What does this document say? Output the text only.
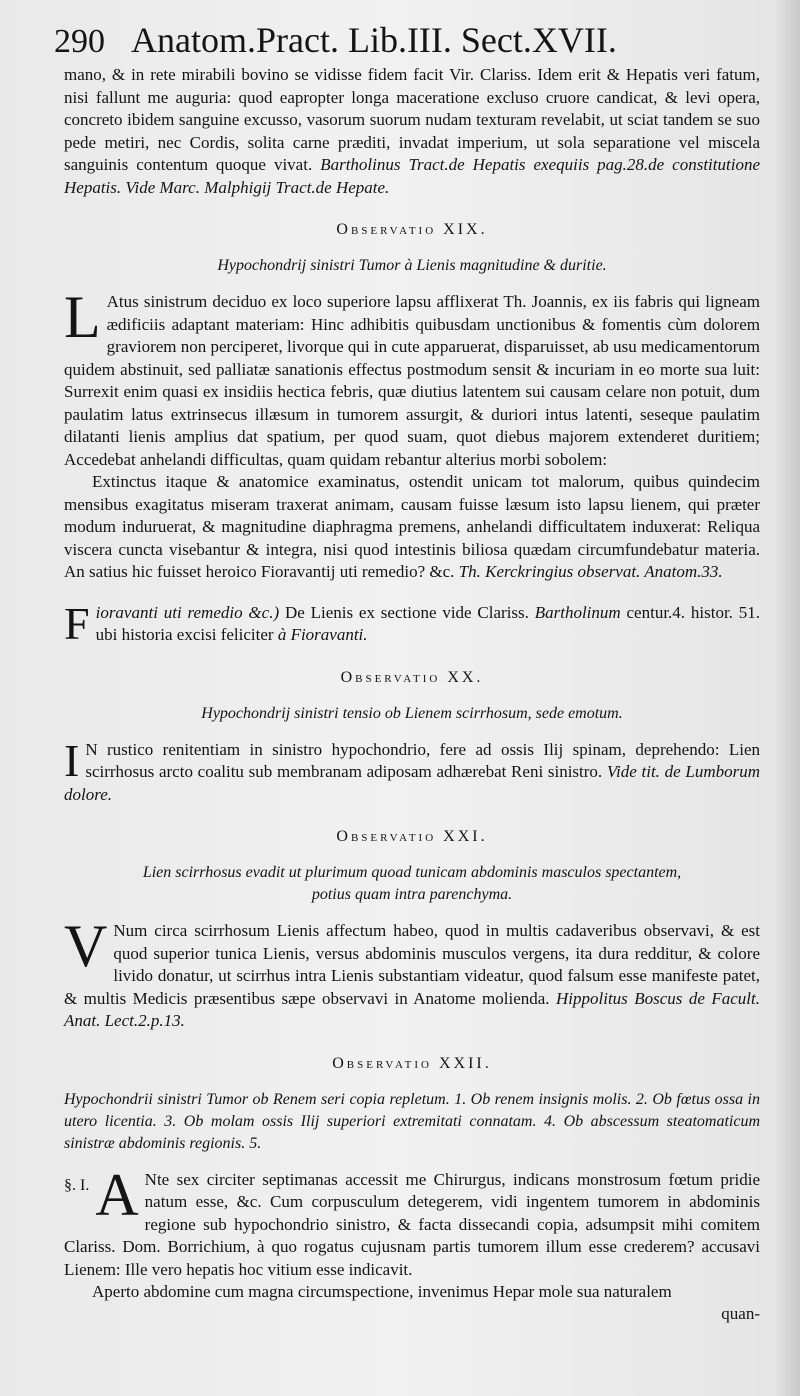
290 Anatom.Pract. Lib.III. Sect.XVII.

mano, & in rete mirabili bovino se vidisse fidem facit Vir. Clariss. Idem erit & Hepatis veri fatum, nisi fallunt me auguria: quod eapropter longa maceratione excluso cruore candicat, & levi opera, concreto ibidem sanguine excusso, vasorum suorum nudam texturam revelabit, ut sciat tandem se suo pede metiri, nec Cordis, solita carne præditi, invadat imperium, ut sola separatione vel miscela sanguinis contentum quoque vivat. Bartholinus Tract.de Hepatis exequiis pag.28.de constitutione Hepatis. Vide Marc. Malphigij Tract.de Hepate.

Observatio XIX.
Hypochondrij sinistri Tumor à Lienis magnitudine & duritie.

L Atus sinistrum deciduo ex loco superiore lapsu afflixerat Th. Joannis, ex iis fabris qui ligneam ædificiis adaptant materiam: Hinc adhibitis quibusdam unctionibus & fomentis cùm dolorem graviorem non perciperet, livorque qui in cute apparuerat, disparuisset, ab usu medicamentorum quidem abstinuit, sed palliatæ sanationis effectus postmodum sensit & incuriam in eo morte sua luit: Surrexit enim quasi ex insidiis hectica febris, quæ diutius latentem sui causam celare non potuit, dum paulatim latus extrinsecus illæsum in tumorem assurgit, & duriori intus latenti, seseque paulatim dilatanti lienis amplius dat spatium, per quod suam, quot diebus majorem extenderet duritiem; Accedebat anhelandi difficultas, quam quidam rebantur alterius morbi sobolem:

Extinctus itaque & anatomice examinatus, ostendit unicam tot malorum, quibus quindecim mensibus exagitatus miseram traxerat animam, causam fuisse læsum isto lapsu lienem, qui præter modum induruerat, & magnitudine diaphragma premens, anhelandi difficultatem induxerat: Reliqua viscera cuncta visebantur & integra, nisi quod intestinis biliosa quædam circumfundebatur materia. An satius hic fuisset heroico Fioravantij uti remedio? &c. Th. Kerckringius observat. Anatom.33.

F ioravanti uti remedio &c.) De Lienis ex sectione vide Clariss. Bartholinum centur.4. histor. 51. ubi historia excisi feliciter à Fioravanti.

Observatio XX.
Hypochondrij sinistri tensio ob Lienem scirrhosum, sede emotum.

I N rustico renitentiam in sinistro hypochondrio, fere ad ossis Ilij spinam, deprehendo: Lien scirrhosus arcto coalitu sub membranam adiposam adhærebat Reni sinistro. Vide tit. de Lumborum dolore.

Observatio XXI.
Lien scirrhosus evadit ut plurimum quoad tunicam abdominis masculos spectantem,
potius quam intra parenchyma.

V Num circa scirrhosum Lienis affectum habeo, quod in multis cadaveribus observavi, & est quod superior tunica Lienis, versus abdominis musculos vergens, ita dura redditur, & colore livido donatur, ut scirrhus intra Lienis substantiam videatur, quod falsum esse manifeste patet, & multis Medicis præsentibus sæpe observavi in Anatome molienda. Hippolitus Boscus de Facult. Anat. Lect.2.p.13.

Observatio XXII.
Hypochondrii sinistri Tumor ob Renem seri copia repletum. 1. Ob renem insignis molis. 2. Ob fœtus ossa in utero licentia. 3. Ob molam ossis Ilij superiori extremitati connatam. 4. Ob abscessum steatomaticum sinistræ abdominis regionis. 5.

§. I. A Nte sex circiter septimanas accessit me Chirurgus, indicans monstrosum fœtum pridie natum esse, &c. Cum corpusculum detegerem, vidi ingentem tumorem in abdominis regione sub hypochondrio sinistro, & facta dissecandi copia, adsumpsit mihi comitem Clariss. Dom. Borrichium, à quo rogatus cujusnam partis tumorem illum esse crederem? accusavi Lienem: Ille vero hepatis hoc vitium esse indicavit.

Aperto abdomine cum magna circumspectione, invenimus Hepar mole sua naturalem

quan-
